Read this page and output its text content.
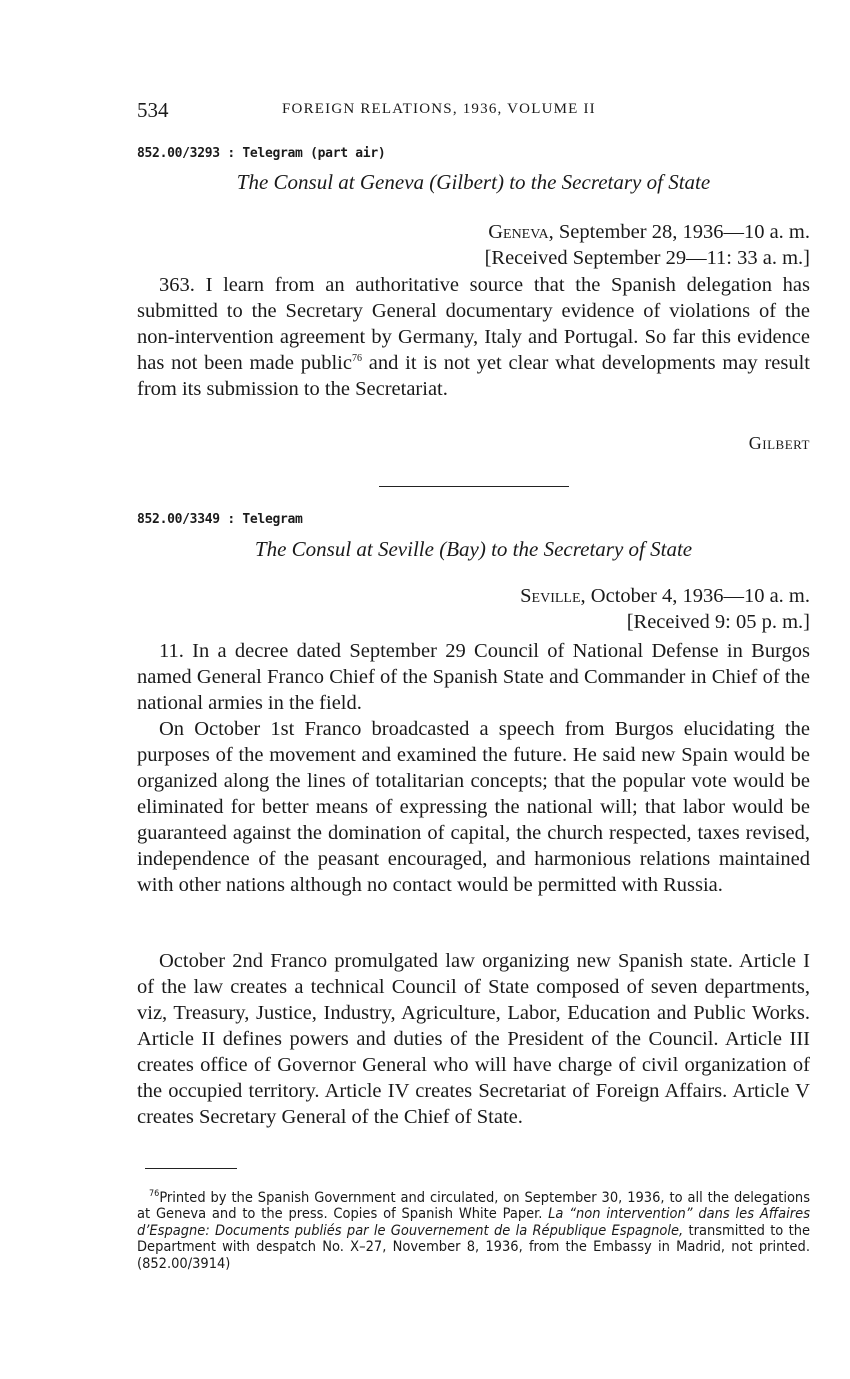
534	FOREIGN RELATIONS, 1936, VOLUME II
852.00/3293 : Telegram (part air)
The Consul at Geneva (Gilbert) to the Secretary of State
Geneva, September 28, 1936—10 a. m.
[Received September 29—11: 33 a. m.]
363. I learn from an authoritative source that the Spanish delegation has submitted to the Secretary General documentary evidence of violations of the non-intervention agreement by Germany, Italy and Portugal. So far this evidence has not been made public$^{76}$ and it is not yet clear what developments may result from its submission to the Secretariat.
Gilbert
852.00/3349 : Telegram
The Consul at Seville (Bay) to the Secretary of State
Seville, October 4, 1936—10 a. m.
[Received 9: 05 p. m.]
11. In a decree dated September 29 Council of National Defense in Burgos named General Franco Chief of the Spanish State and Commander in Chief of the national armies in the field.
On October 1st Franco broadcasted a speech from Burgos elucidating the purposes of the movement and examined the future. He said new Spain would be organized along the lines of totalitarian concepts; that the popular vote would be eliminated for better means of expressing the national will; that labor would be guaranteed against the domination of capital, the church respected, taxes revised, independence of the peasant encouraged, and harmonious relations maintained with other nations although no contact would be permitted with Russia.
October 2nd Franco promulgated law organizing new Spanish state. Article I of the law creates a technical Council of State composed of seven departments, viz, Treasury, Justice, Industry, Agriculture, Labor, Education and Public Works. Article II defines powers and duties of the President of the Council. Article III creates office of Governor General who will have charge of civil organization of the occupied territory. Article IV creates Secretariat of Foreign Affairs. Article V creates Secretary General of the Chief of State.
$^{76}$Printed by the Spanish Government and circulated, on September 30, 1936, to all the delegations at Geneva and to the press. Copies of Spanish White Paper. La “non intervention” dans les Affaires d’Espagne: Documents publiés par le Gouvernement de la République Espagnole, transmitted to the Department with despatch No. X–27, November 8, 1936, from the Embassy in Madrid, not printed. (852.00/3914)
